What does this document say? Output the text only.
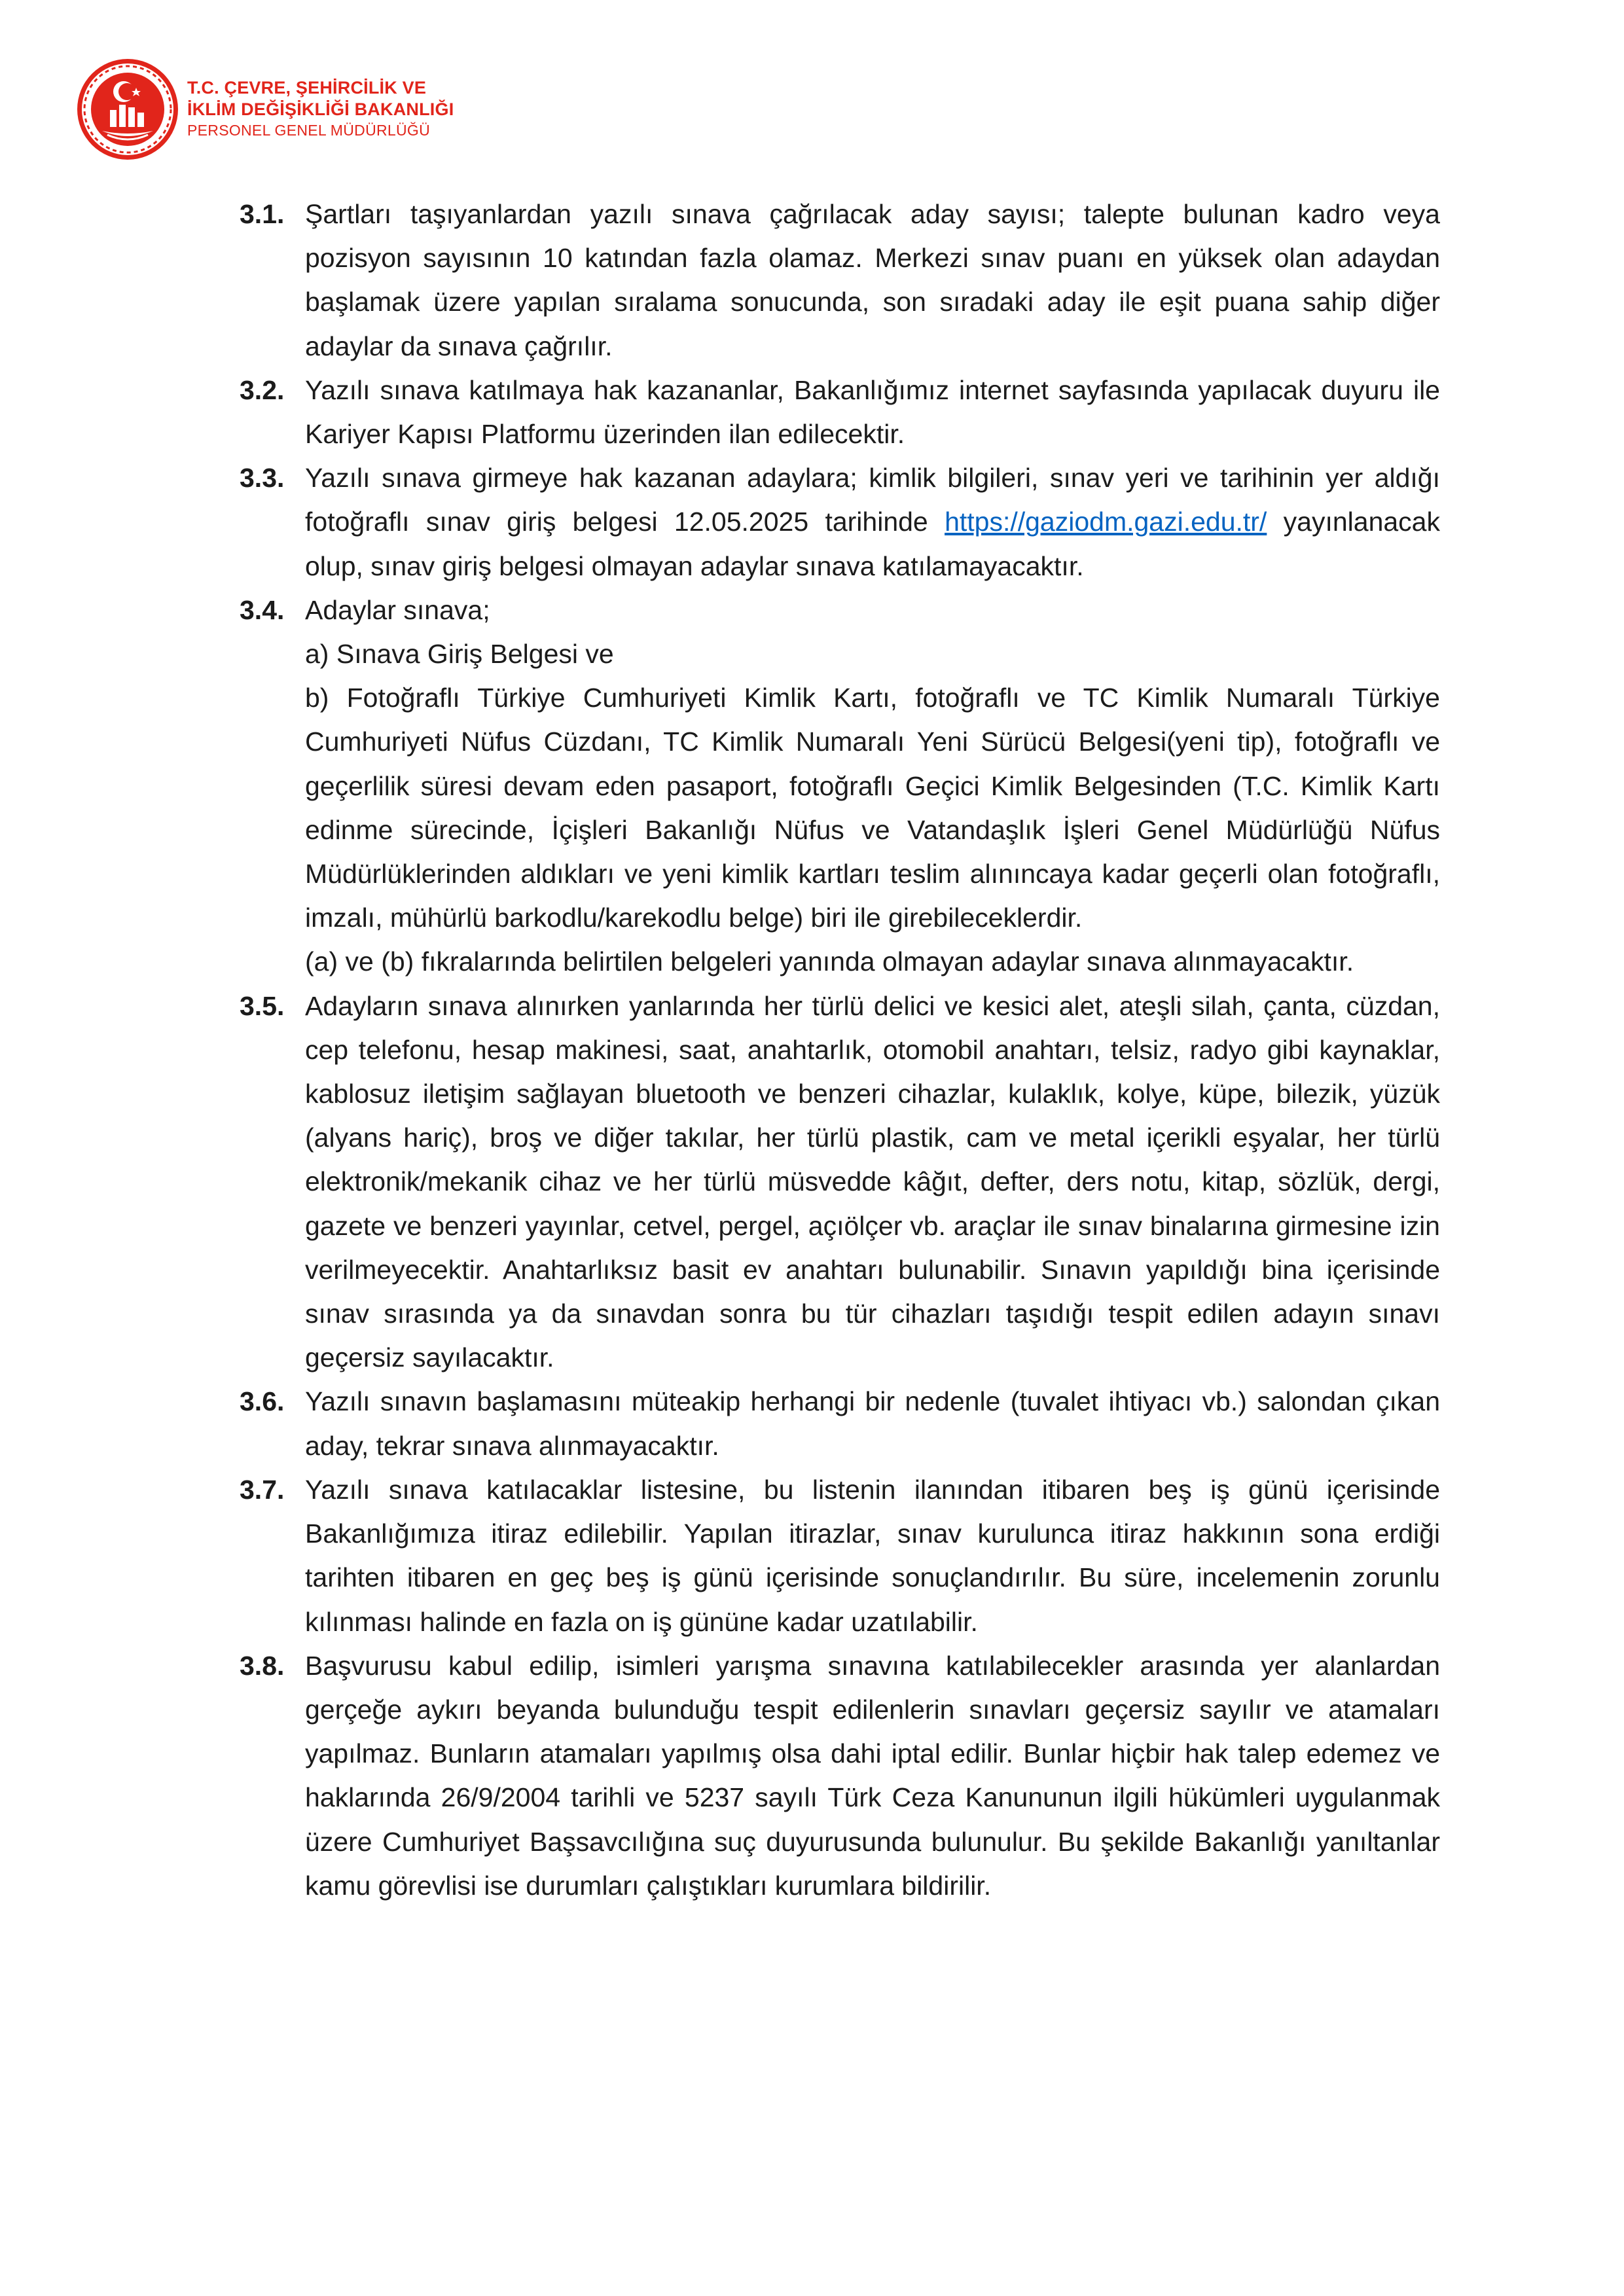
T.C. ÇEVRE, ŞEHİRCİLİK VE
İKLİM DEĞİŞİKLİĞİ BAKANLIĞI
PERSONEL GENEL MÜDÜRLÜĞÜ
3.1. Şartları taşıyanlardan yazılı sınava çağrılacak aday sayısı; talepte bulunan kadro veya pozisyon sayısının 10 katından fazla olamaz. Merkezi sınav puanı en yüksek olan adaydan başlamak üzere yapılan sıralama sonucunda, son sıradaki aday ile eşit puana sahip diğer adaylar da sınava çağrılır.

3.2. Yazılı sınava katılmaya hak kazananlar, Bakanlığımız internet sayfasında yapılacak duyuru ile Kariyer Kapısı Platformu üzerinden ilan edilecektir.

3.3. Yazılı sınava girmeye hak kazanan adaylara; kimlik bilgileri, sınav yeri ve tarihinin yer aldığı fotoğraflı sınav giriş belgesi 12.05.2025 tarihinde https://gaziodm.gazi.edu.tr/ yayınlanacak olup, sınav giriş belgesi olmayan adaylar sınava katılamayacaktır.

3.4. Adaylar sınava;

a) Sınava Giriş Belgesi ve

b) Fotoğraflı Türkiye Cumhuriyeti Kimlik Kartı, fotoğraflı ve TC Kimlik Numaralı Türkiye Cumhuriyeti Nüfus Cüzdanı, TC Kimlik Numaralı Yeni Sürücü Belgesi(yeni tip), fotoğraflı ve geçerlilik süresi devam eden pasaport, fotoğraflı Geçici Kimlik Belgesinden (T.C. Kimlik Kartı edinme sürecinde, İçişleri Bakanlığı Nüfus ve Vatandaşlık İşleri Genel Müdürlüğü Nüfus Müdürlüklerinden aldıkları ve yeni kimlik kartları teslim alınıncaya kadar geçerli olan fotoğraflı, imzalı, mühürlü barkodlu/karekodlu belge) biri ile girebileceklerdir.

(a) ve (b) fıkralarında belirtilen belgeleri yanında olmayan adaylar sınava alınmayacaktır.

3.5. Adayların sınava alınırken yanlarında her türlü delici ve kesici alet, ateşli silah, çanta, cüzdan, cep telefonu, hesap makinesi, saat, anahtarlık, otomobil anahtarı, telsiz, radyo gibi kaynaklar, kablosuz iletişim sağlayan bluetooth ve benzeri cihazlar, kulaklık, kolye, küpe, bilezik, yüzük (alyans hariç), broş ve diğer takılar, her türlü plastik, cam ve metal içerikli eşyalar, her türlü elektronik/mekanik cihaz ve her türlü müsvedde kâğıt, defter, ders notu, kitap, sözlük, dergi, gazete ve benzeri yayınlar, cetvel, pergel, açıölçer vb. araçlar ile sınav binalarına girmesine izin verilmeyecektir. Anahtarlıksız basit ev anahtarı bulunabilir. Sınavın yapıldığı bina içerisinde sınav sırasında ya da sınavdan sonra bu tür cihazları taşıdığı tespit edilen adayın sınavı geçersiz sayılacaktır.

3.6. Yazılı sınavın başlamasını müteakip herhangi bir nedenle (tuvalet ihtiyacı vb.) salondan çıkan aday, tekrar sınava alınmayacaktır.

3.7. Yazılı sınava katılacaklar listesine, bu listenin ilanından itibaren beş iş günü içerisinde Bakanlığımıza itiraz edilebilir. Yapılan itirazlar, sınav kurulunca itiraz hakkının sona erdiği tarihten itibaren en geç beş iş günü içerisinde sonuçlandırılır. Bu süre, incelemenin zorunlu kılınması halinde en fazla on iş gününe kadar uzatılabilir.

3.8. Başvurusu kabul edilip, isimleri yarışma sınavına katılabilecekler arasında yer alanlardan gerçeğe aykırı beyanda bulunduğu tespit edilenlerin sınavları geçersiz sayılır ve atamaları yapılmaz. Bunların atamaları yapılmış olsa dahi iptal edilir. Bunlar hiçbir hak talep edemez ve haklarında 26/9/2004 tarihli ve 5237 sayılı Türk Ceza Kanununun ilgili hükümleri uygulanmak üzere Cumhuriyet Başsavcılığına suç duyurusunda bulunulur. Bu şekilde Bakanlığı yanıltanlar kamu görevlisi ise durumları çalıştıkları kurumlara bildirilir.
